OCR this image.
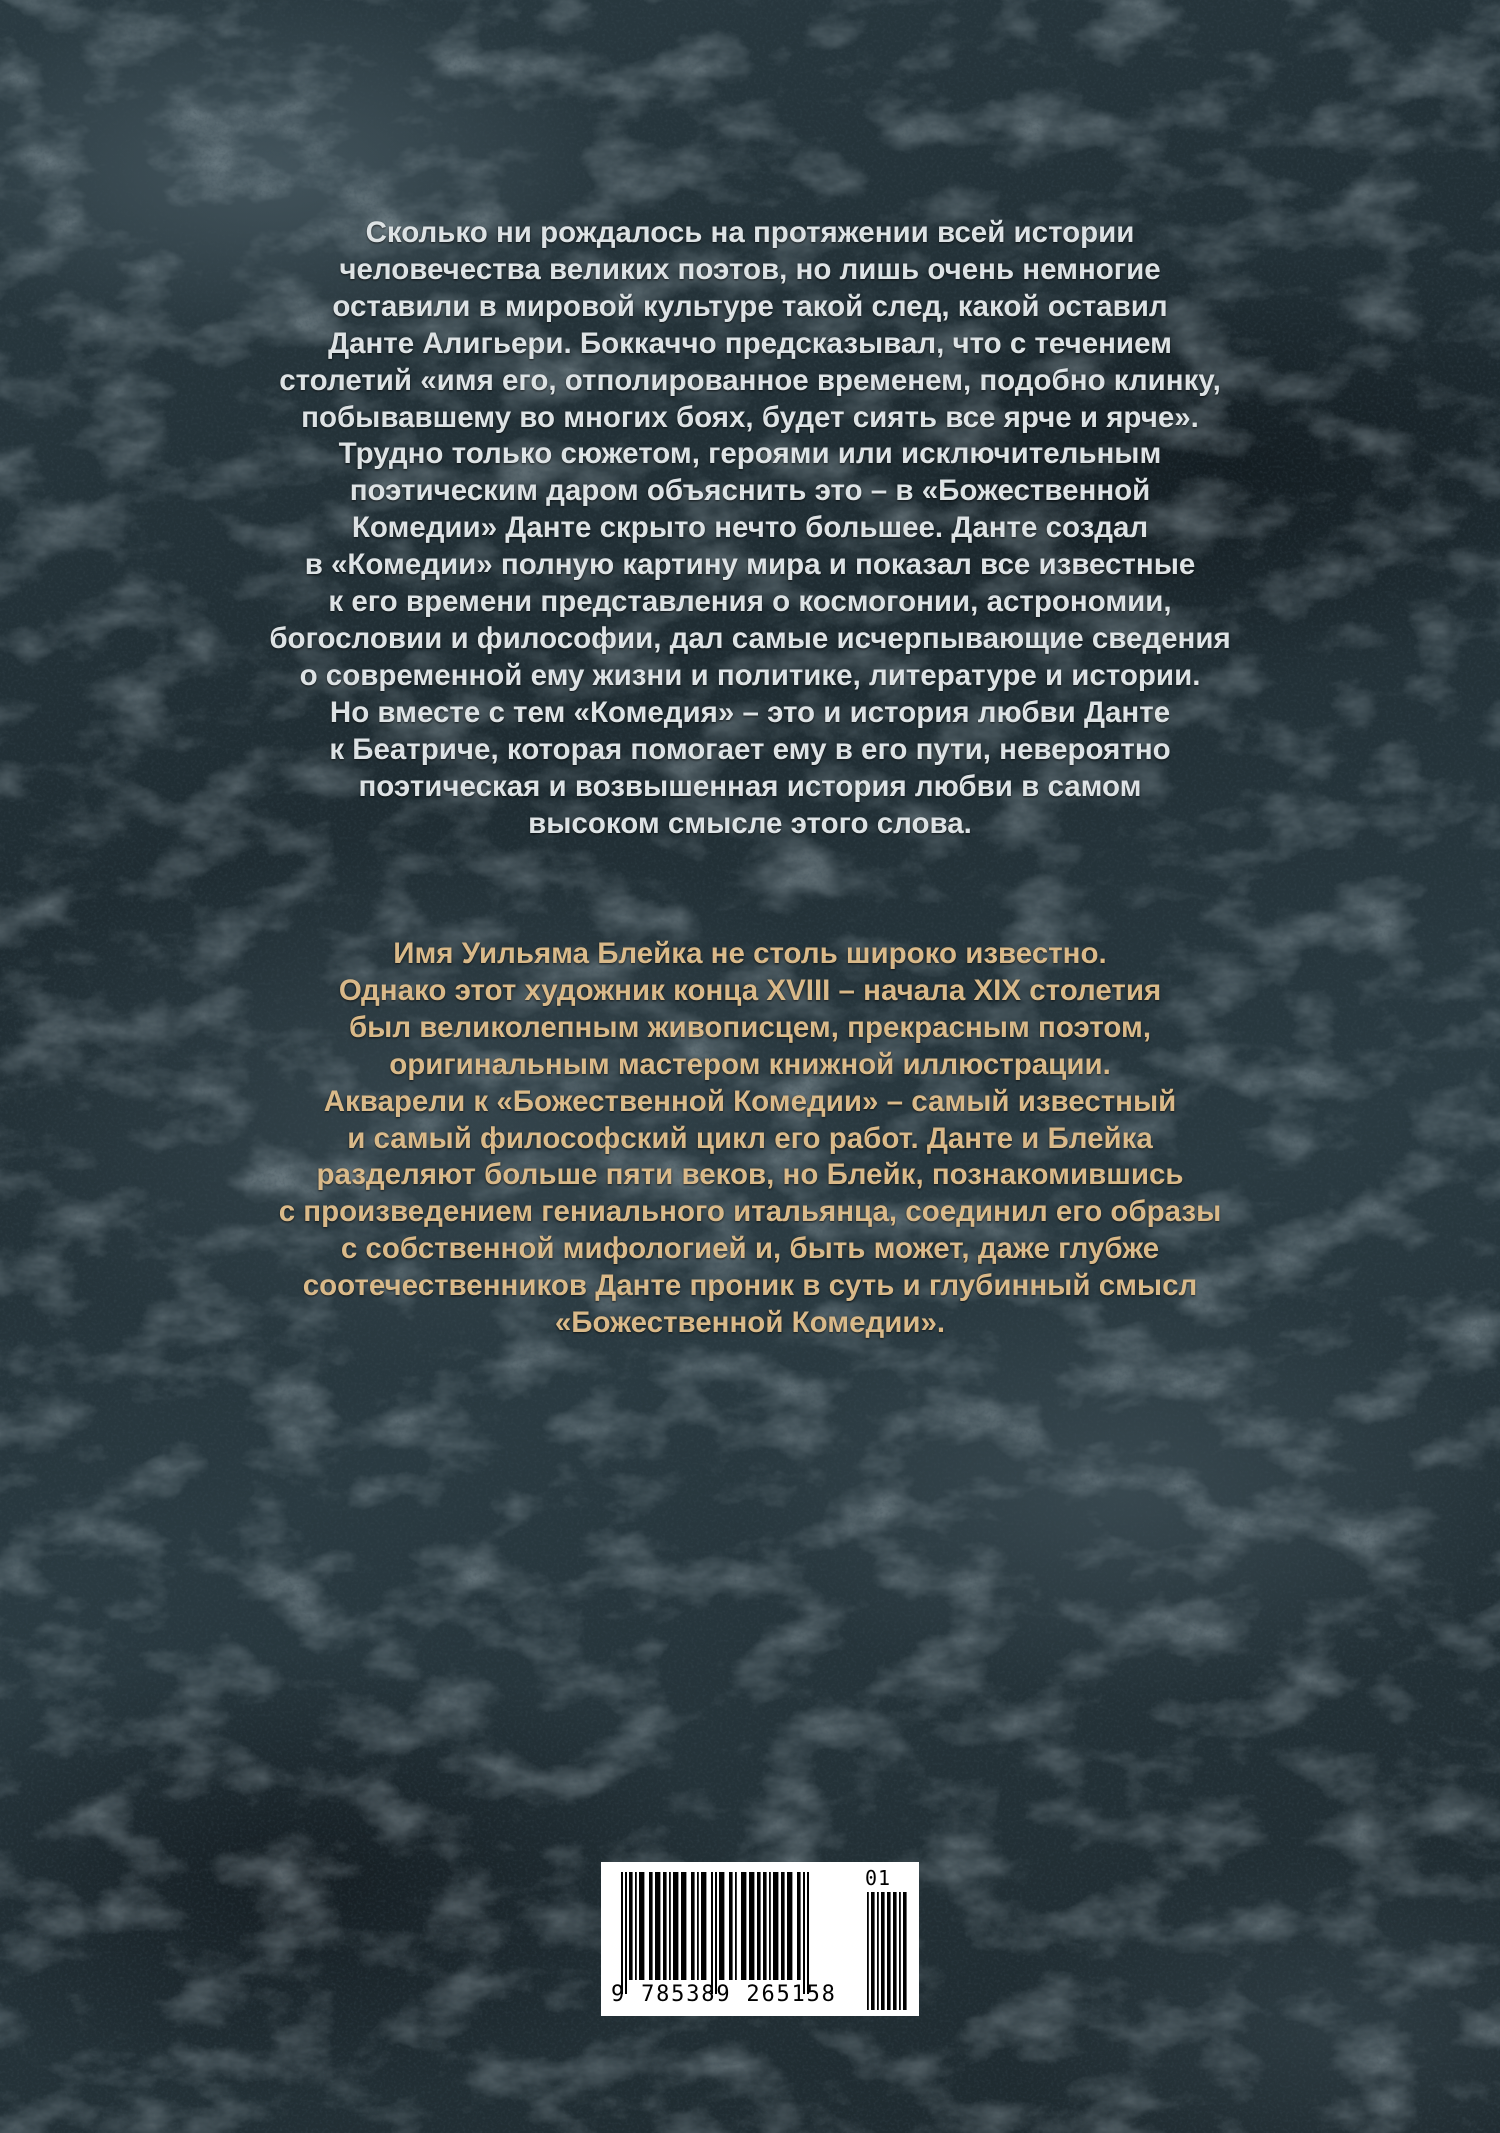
Сколько ни рождалось на протяжении всей истории
человечества великих поэтов, но лишь очень немногие
оставили в мировой культуре такой след, какой оставил
Данте Алигьери. Боккаччо предсказывал, что с течением
столетий «имя его, отполированное временем, подобно клинку,
побывавшему во многих боях, будет сиять все ярче и ярче».
Трудно только сюжетом, героями или исключительным
поэтическим даром объяснить это – в «Божественной
Комедии» Данте скрыто нечто большее. Данте создал
в «Комедии» полную картину мира и показал все известные
к его времени представления о космогонии, астрономии,
богословии и философии, дал самые исчерпывающие сведения
о современной ему жизни и политике, литературе и истории.
Но вместе с тем «Комедия» – это и история любви Данте
к Беатриче, которая помогает ему в его пути, невероятно
поэтическая и возвышенная история любви в самом
высоком смысле этого слова.
Имя Уильяма Блейка не столь широко известно.
Однако этот художник конца XVIII – начала XIX столетия
был великолепным живописцем, прекрасным поэтом,
оригинальным мастером книжной иллюстрации.
Акварели к «Божественной Комедии» – самый известный
и самый философский цикл его работ. Данте и Блейка
разделяют больше пяти веков, но Блейк, познакомившись
с произведением гениального итальянца, соединил его образы
с собственной мифологией и, быть может, даже глубже
соотечественников Данте проник в суть и глубинный смысл
«Божественной Комедии».
01
9 785389 265158
